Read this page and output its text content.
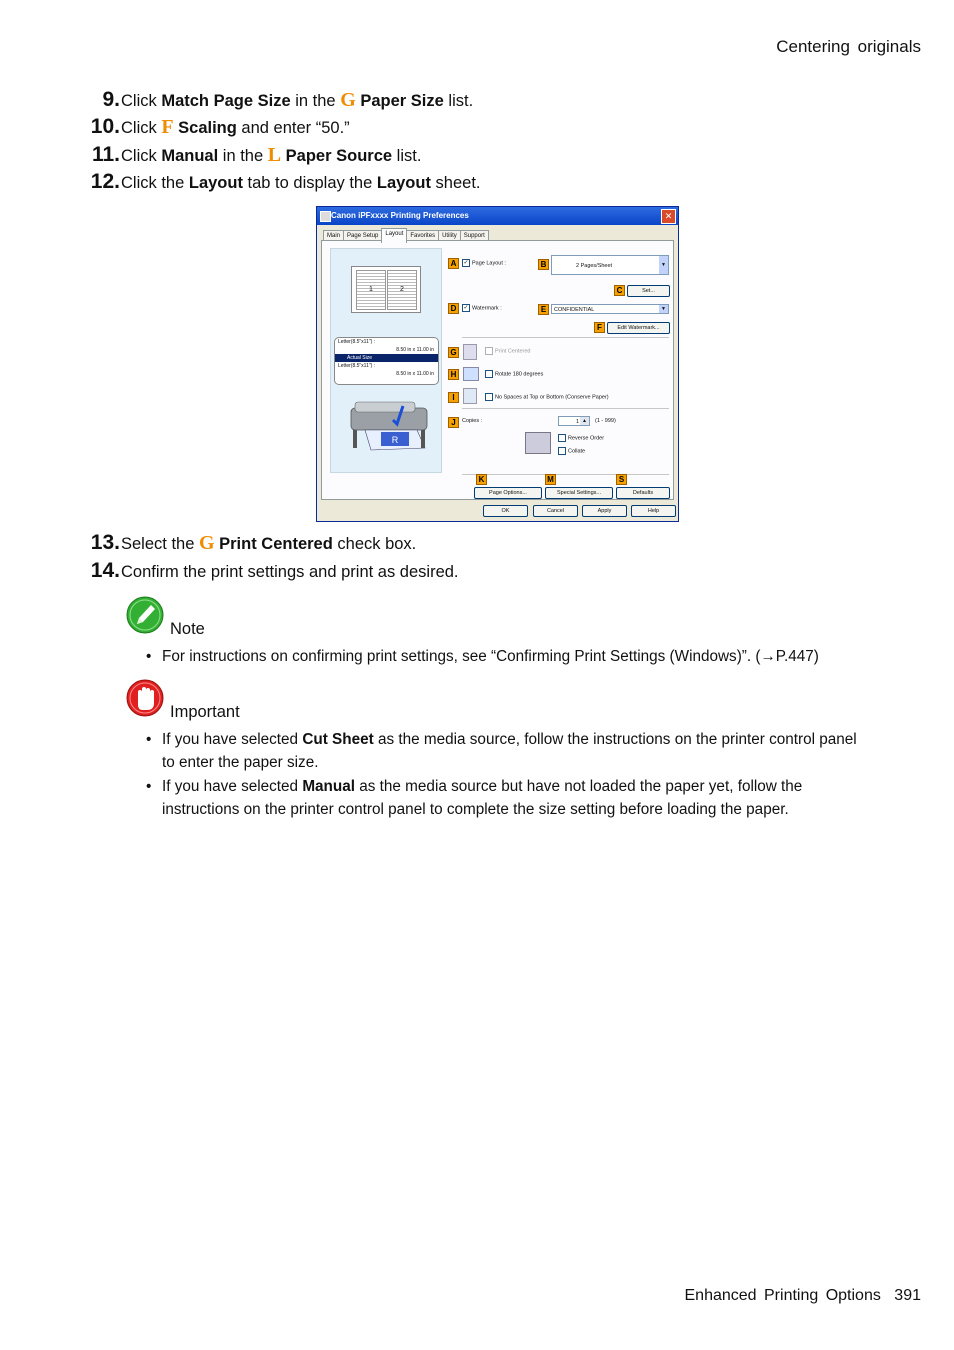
Centering originals
9. Click Match Page Size in the G Paper Size list.
10. Click F Scaling and enter “50.”
11. Click Manual in the L Paper Source list.
12. Click the Layout tab to display the Layout sheet.
Canon iPFxxxx Printing Preferences	✕
Main	Page Setup	Layout	Favorites	Utility	Support
1	2
Letter(8.5"x11") :
8.50 in x 11.00 in
Actual Size
Letter(8.5"x11") :
8.50 in x 11.00 in
R
A	✓ Page Layout :	B	2 Pages/Sheet	▼
C	Set...
D	✓ Watermark :	E	CONFIDENTIAL	▼
F	Edit Watermark...
G	Print Centered
H	Rotate 180 degrees
I	No Spaces at Top or Bottom (Conserve Paper)
J	Copies :	1 ▲	(1 - 999)
Reverse Order
Collate
K	M	S
Page Options...	Special Settings...	Defaults
OK	Cancel	Apply	Help
13. Select the G Print Centered check box.
14. Confirm the print settings and print as desired.
Note
• For instructions on confirming print settings, see “Confirming Print Settings (Windows)”. (→P.447)
Important
• If you have selected Cut Sheet as the media source, follow the instructions on the printer control panel to enter the paper size.
• If you have selected Manual as the media source but have not loaded the paper yet, follow the instructions on the printer control panel to complete the size setting before loading the paper.
Enhanced Printing Options 391
